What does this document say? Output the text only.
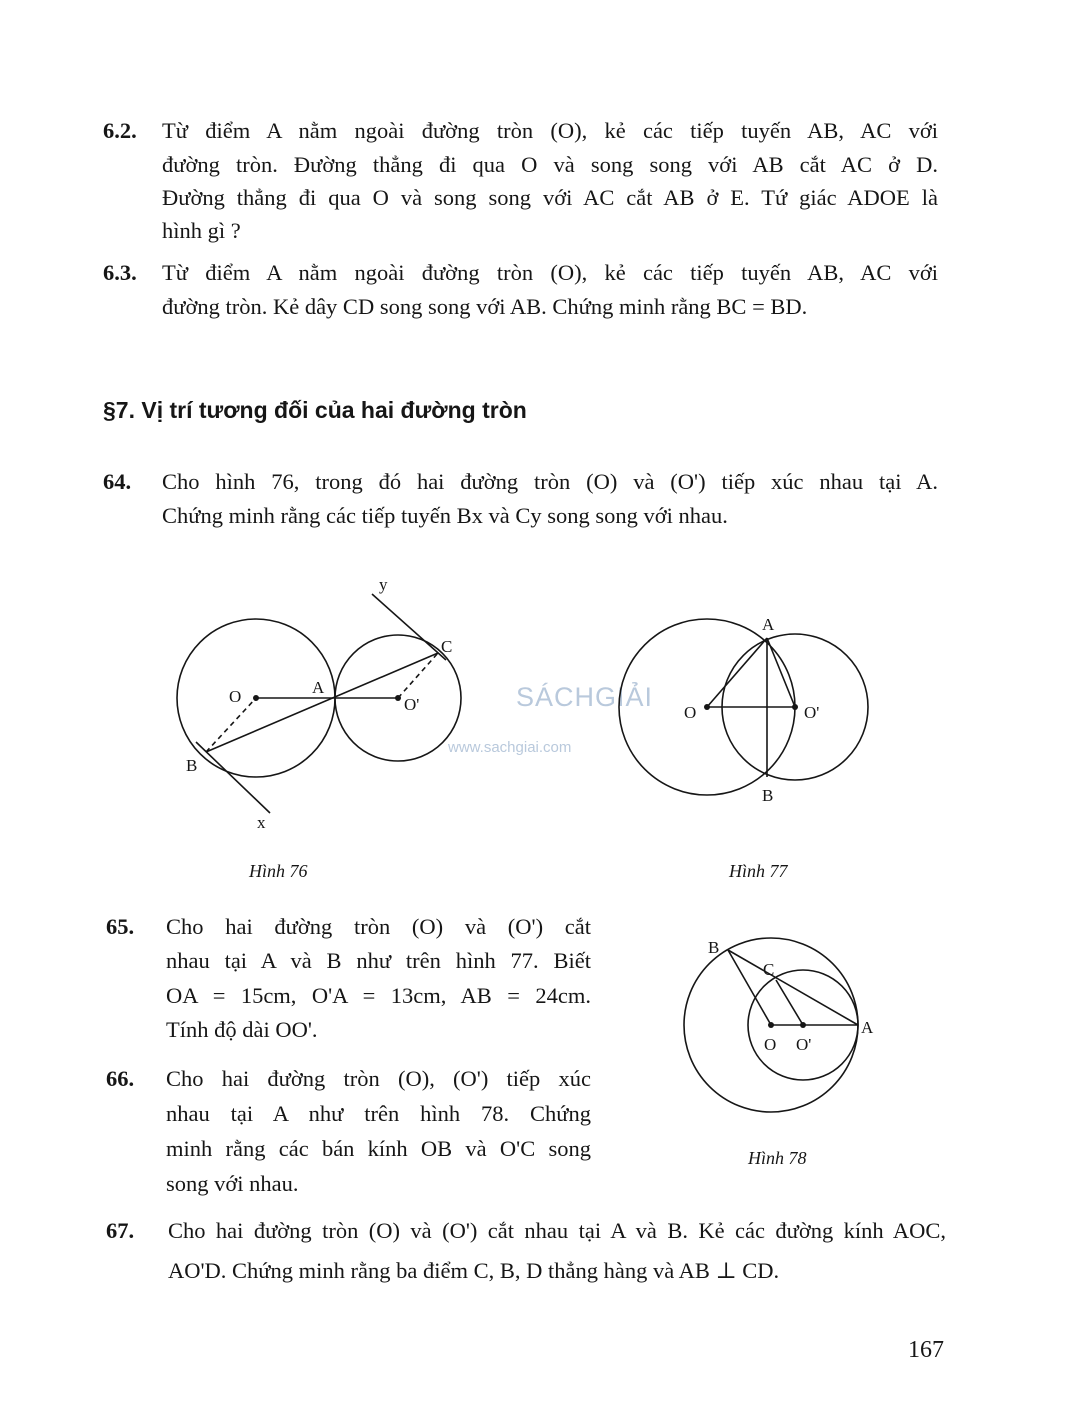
6.2. Từ điểm A nằm ngoài đường tròn (O), kẻ các tiếp tuyến AB, AC với
đường tròn. Đường thẳng đi qua O và song song với AB cắt AC ở D.
Đường thẳng đi qua O và song song với AC cắt AB ở E. Tứ giác ADOE là
hình gì ?
6.3. Từ điểm A nằm ngoài đường tròn (O), kẻ các tiếp tuyến AB, AC với
đường tròn. Kẻ dây CD song song với AB. Chứng minh rằng BC = BD.
§7. Vị trí tương đối của hai đường tròn
64. Cho hình 76, trong đó hai đường tròn (O) và (O') tiếp xúc nhau tại A.
Chứng minh rằng các tiếp tuyến Bx và Cy song song với nhau.
y
C
O	A
O'
B
x
SÁCHGIẢI
www.sachgiai.com
A
O	O'
B
B
C
O O'
A
Hình 76	Hình 77
Hình 78
65. Cho hai đường tròn (O) và (O') cắt
nhau tại A và B như trên hình 77. Biết
OA = 15cm, O'A = 13cm, AB = 24cm.
Tính độ dài OO'.
66. Cho hai đường tròn (O), (O') tiếp xúc
nhau tại A như trên hình 78. Chứng
minh rằng các bán kính OB và O'C song
song với nhau.
67. Cho hai đường tròn (O) và (O') cắt nhau tại A và B. Kẻ các đường kính AOC,
AO'D. Chứng minh rằng ba điểm C, B, D thẳng hàng và AB ⊥ CD.
167
